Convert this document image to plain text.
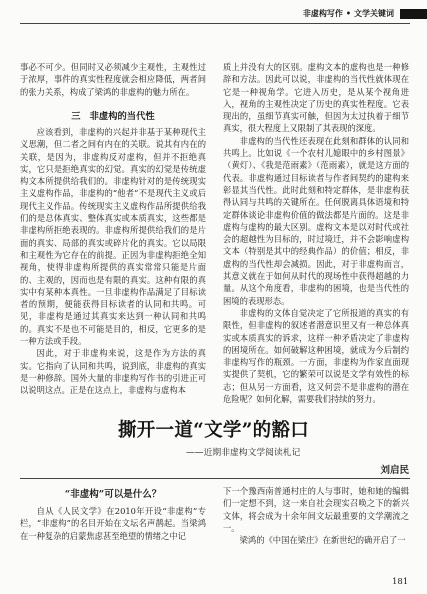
非虚构写作 • 文学关键词

事必不可少。但同时又必须减少主观性，主观性过于浓厚，事件的真实性程度就会相应降低，两者间的张力关系，构成了梁鸿的非虚构的魅力所在。

三 非虚构的当代性

应该看到，非虚构的兴起并非基于某种现代主义思潮，但二者之间有内在的关联。说其有内在的关联，是因为，非虚构反对虚构，但并不拒绝真实，它只是拒绝真实的幻觉。真实的幻觉是传统虚构文本所提供给我们的。非虚构针对的是传统现实主义虚构作品，非虚构的“他者”不是现代主义或后现代主义作品。传统现实主义虚构作品所提供给我们的是总体真实、整体真实或本质真实，这些都是非虚构所拒绝表现的。非虚构所提供给我们的是片面的真实、局部的真实或碎片化的真实。它以局限和主观性为它存在的前提。正因为非虚构拒绝全知视角，使得非虚构所提供的真实常常只能是片面的、主观的，因而也是有限的真实。这种有限的真实中有某种本真性。一旦非虚构作品满足了目标读者的预期，便能获得目标读者的认同和共鸣。可见，非虚构是通过其真实来达到一种认同和共鸣的。真实不是也不可能是目的，相反，它更多的是一种方法或手段。

因此，对于非虚构来说，这是作为方法的真实。它指向了认同和共鸣，说到底，非虚构的真实是一种修辞。国外大量的非虚构写作书的引进正可以说明这点。正是在这点上，非虚构与虚构本

质上并没有大的区别。虚构文本的虚构也是一种修辞和方法。因此可以说，非虚构的当代性就体现在它是一种视角学。它进入历史，是从某个视角进入，视角的主观性决定了历史的真实性程度。它表现出的，虽细节真实可触，但因为太过执着于细节真实，很大程度上又限制了其表现的深度。

非虚构的当代性还表现在此刻和群体的认同和共鸣上。比如说《一个农村儿媳眼中的乡村图景》（黄灯）、《我是范雨素》（范雨素），就是这方面的代表。非虚构通过目标读者与作者间契约的建构来彰显其当代性。此时此刻和特定群体，是非虚构获得认同与共鸣的关键所在。任何脱离具体语境和特定群体谈论非虚构价值的做法都是片面的。这是非虚构与虚构的最大区别。虚构文本是以对时代或社会的超越性为目标的，时过境迁，并不会影响虚构文本（特别是其中的经典作品）的价值；相反，非虚构的当代性却会减损。因此，对于非虚构而言，其意义就在于如何从时代的现场性中获得超越的力量。从这个角度看，非虚构的困境，也是当代性的困境的表现形态。

非虚构的文体自觉决定了它所报道的真实的有限性，但非虚构的叙述者潜意识里又有一种总体真实或本质真实的诉求，这样一种矛盾决定了非虚构的困境所在。如何破解这种困境，就成为今后制约非虚构写作的瓶颈。一方面，非虚构为作家直面现实提供了契机，它的繁荣可以说是文学有效性的标志；但从另一方面看，这又何尝不是非虚构的潜在危险呢？如何化解，需要我们持续的努力。

撕开一道“文学”的豁口
——近期非虚构文学阅读札记
刘启民
“非虚构”可以是什么？

自从《人民文学》在2010年开设“非虚构”专栏，“非虚构”的名目开始在文坛名声鹊起。当梁鸿在一种复杂的启蒙焦虑甚至绝望的情绪之中记

下一个豫西南普通村庄的人与事时，她和她的编辑们一定想不到，这一来自社会现实召唤之下的新兴文体，将会成为十余年间文坛最重要的文学潮流之一。

梁鸿的《中国在梁庄》在新世纪的确开启了一

181
